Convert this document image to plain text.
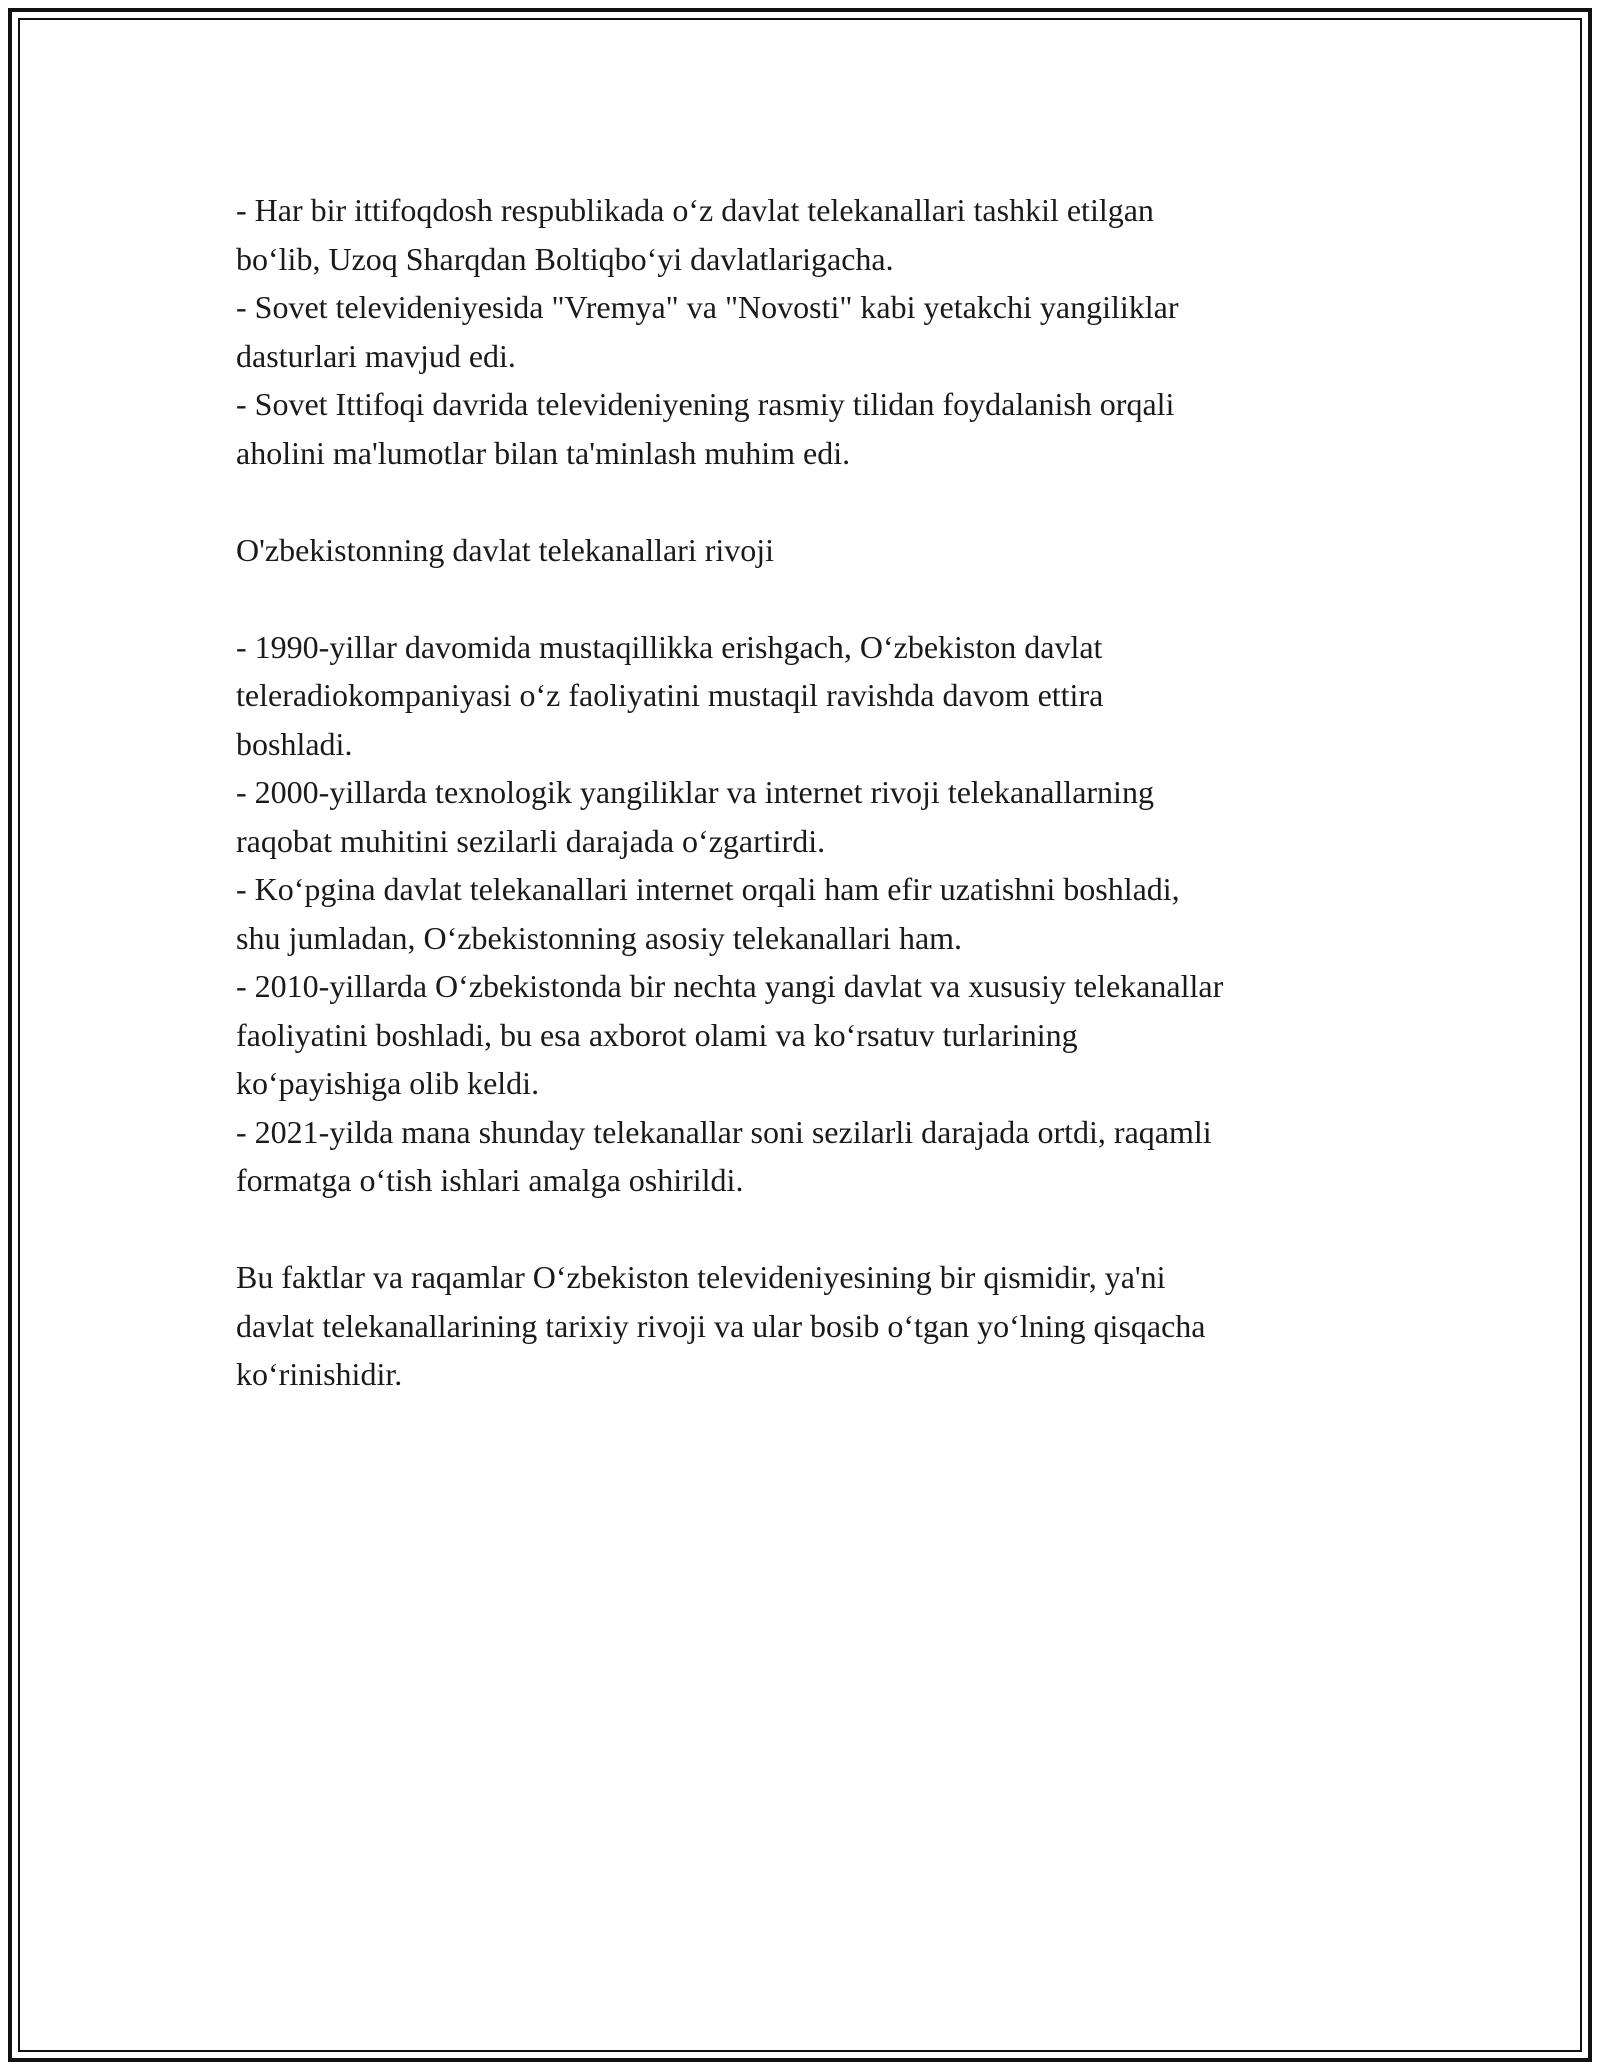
- Har bir ittifoqdosh respublikada o‘z davlat telekanallari tashkil etilgan
bo‘lib, Uzoq Sharqdan Boltiqbo‘yi davlatlarigacha.
- Sovet televideniyesida "Vremya" va "Novosti" kabi yetakchi yangiliklar
dasturlari mavjud edi.
- Sovet Ittifoqi davrida televideniyening rasmiy tilidan foydalanish orqali
aholini ma'lumotlar bilan ta'minlash muhim edi.
O'zbekistonning davlat telekanallari rivoji
- 1990-yillar davomida mustaqillikka erishgach, O‘zbekiston davlat
teleradiokompaniyasi o‘z faoliyatini mustaqil ravishda davom ettira
boshladi.
- 2000-yillarda texnologik yangiliklar va internet rivoji telekanallarning
raqobat muhitini sezilarli darajada o‘zgartirdi.
- Ko‘pgina davlat telekanallari internet orqali ham efir uzatishni boshladi,
shu jumladan, O‘zbekistonning asosiy telekanallari ham.
- 2010-yillarda O‘zbekistonda bir nechta yangi davlat va xususiy telekanallar
faoliyatini boshladi, bu esa axborot olami va ko‘rsatuv turlarining
ko‘payishiga olib keldi.
- 2021-yilda mana shunday telekanallar soni sezilarli darajada ortdi, raqamli
formatga o‘tish ishlari amalga oshirildi.
Bu faktlar va raqamlar O‘zbekiston televideniyesining bir qismidir, ya'ni
davlat telekanallarining tarixiy rivoji va ular bosib o‘tgan yo‘lning qisqacha
ko‘rinishidir.
